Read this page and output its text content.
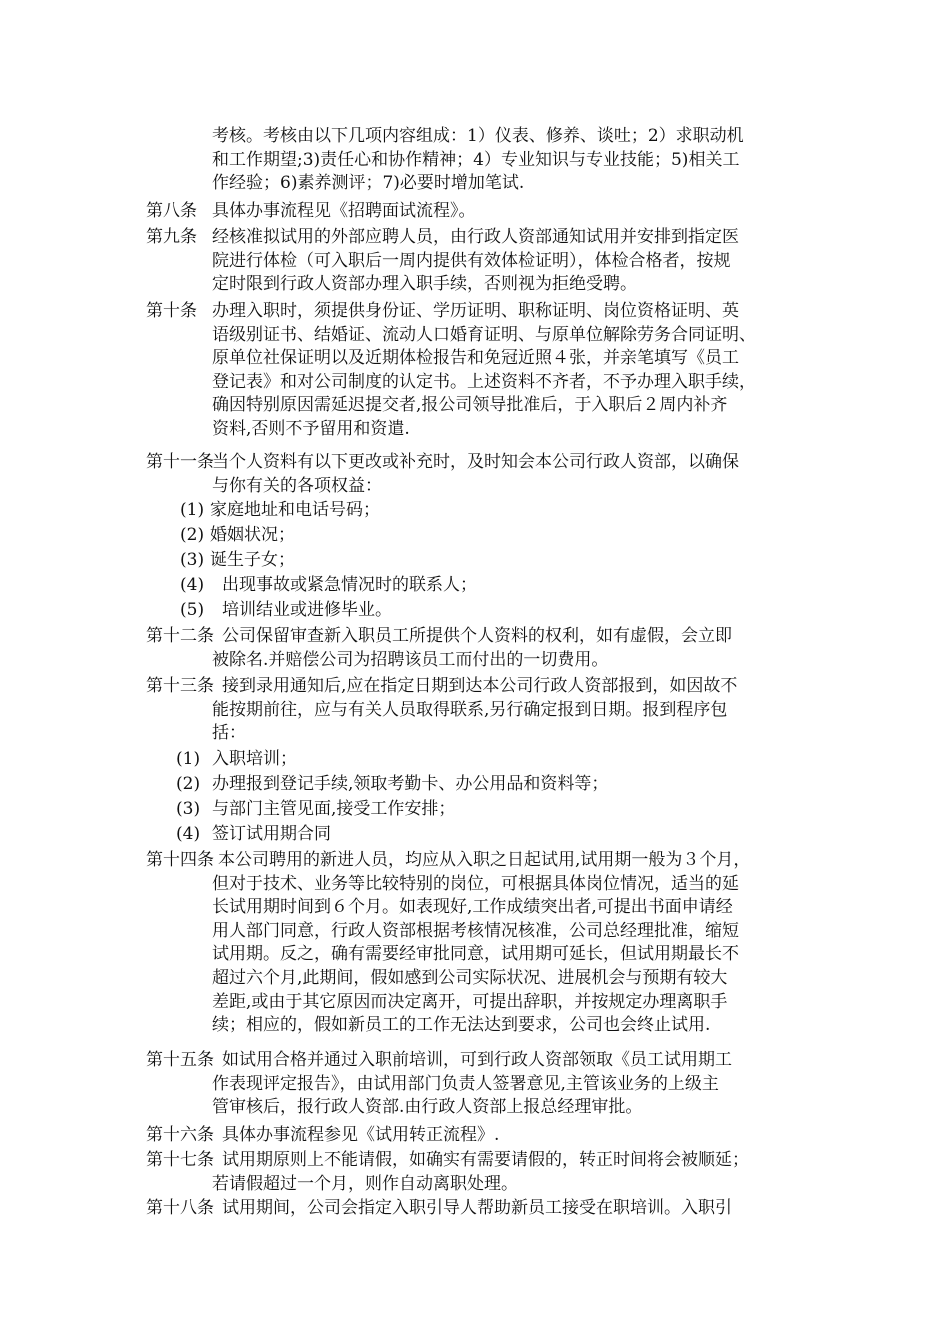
考核。考核由以下几项内容组成：1）仪表、修养、谈吐；2）求职动机
和工作期望;3)责任心和协作精神；4）专业知识与专业技能；5)相关工
作经验；6)素养测评；7)必要时增加笔试.
第八条 具体办事流程见《招聘面试流程》。
第九条 经核准拟试用的外部应聘人员，由行政人资部通知试用并安排到指定医
院进行体检（可入职后一周内提供有效体检证明），体检合格者，按规
定时限到行政人资部办理入职手续，否则视为拒绝受聘。
第十条 办理入职时，须提供身份证、学历证明、职称证明、岗位资格证明、英
语级别证书、结婚证、流动人口婚育证明、与原单位解除劳务合同证明、
原单位社保证明以及近期体检报告和免冠近照４张，并亲笔填写《员工
登记表》和对公司制度的认定书。上述资料不齐者，不予办理入职手续，
确因特别原因需延迟提交者,报公司领导批准后，于入职后２周内补齐
资料,否则不予留用和资遣.
第十一条
当个人资料有以下更改或补充时，及时知会本公司行政人资部，以确保
与你有关的各项权益：
(1) 家庭地址和电话号码；
(2) 婚姻状况；
(3) 诞生子女；
(4) 出现事故或紧急情况时的联系人；
(5) 培训结业或进修毕业。
第十二条 公司保留审查新入职员工所提供个人资料的权利，如有虚假，会立即
被除名.并赔偿公司为招聘该员工而付出的一切费用。
第十三条 接到录用通知后,应在指定日期到达本公司行政人资部报到，如因故不
能按期前往，应与有关人员取得联系,另行确定报到日期。报到程序包
括：
(1) 入职培训；
(2) 办理报到登记手续,领取考勤卡、办公用品和资料等；
(3) 与部门主管见面,接受工作安排；
(4) 签订试用期合同
第十四条 本公司聘用的新进人员，均应从入职之日起试用,试用期一般为３个月，
但对于技术、业务等比较特别的岗位，可根据具体岗位情况，适当的延
长试用期时间到６个月。如表现好,工作成绩突出者,可提出书面申请经
用人部门同意，行政人资部根据考核情况核准，公司总经理批准，缩短
试用期。反之，确有需要经审批同意，试用期可延长，但试用期最长不
超过六个月,此期间，假如感到公司实际状况、进展机会与预期有较大
差距,或由于其它原因而决定离开，可提出辞职，并按规定办理离职手
续；相应的，假如新员工的工作无法达到要求，公司也会终止试用.
第十五条 如试用合格并通过入职前培训，可到行政人资部领取《员工试用期工
作表现评定报告》，由试用部门负责人签署意见,主管该业务的上级主
管审核后，报行政人资部.由行政人资部上报总经理审批。
第十六条 具体办事流程参见《试用转正流程》.
第十七条 试用期原则上不能请假，如确实有需要请假的，转正时间将会被顺延；
若请假超过一个月，则作自动离职处理。
第十八条 试用期间，公司会指定入职引导人帮助新员工接受在职培训。入职引
